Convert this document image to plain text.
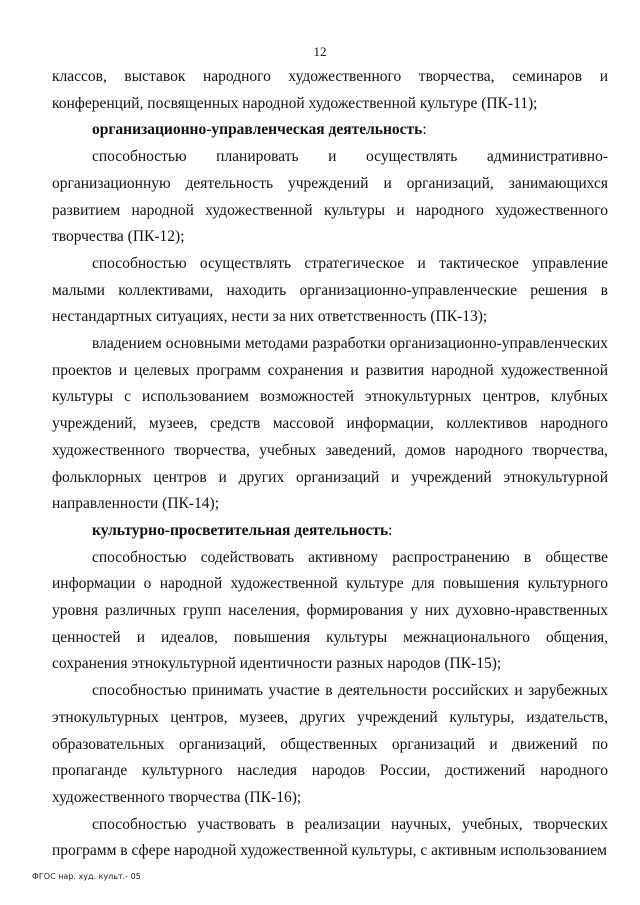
12

классов, выставок народного художественного творчества, семинаров и конференций, посвященных народной художественной культуре (ПК-11);

организационно-управленческая деятельность:

способностью планировать и осуществлять административно-организационную деятельность учреждений и организаций, занимающихся развитием народной художественной культуры и народного художественного творчества (ПК-12);

способностью осуществлять стратегическое и тактическое управление малыми коллективами, находить организационно-управленческие решения в нестандартных ситуациях, нести за них ответственность (ПК-13);

владением основными методами разработки организационно-управленческих проектов и целевых программ сохранения и развития народной художественной культуры с использованием возможностей этнокультурных центров, клубных учреждений, музеев, средств массовой информации, коллективов народного художественного творчества, учебных заведений, домов народного творчества, фольклорных центров и других организаций и учреждений этнокультурной направленности (ПК-14);

культурно-просветительная деятельность:

способностью содействовать активному распространению в обществе информации о народной художественной культуре для повышения культурного уровня различных групп населения, формирования у них духовно-нравственных ценностей и идеалов, повышения культуры межнационального общения, сохранения этнокультурной идентичности разных народов (ПК-15);

способностью принимать участие в деятельности российских и зарубежных этнокультурных центров, музеев, других учреждений культуры, издательств, образовательных организаций, общественных организаций и движений по пропаганде культурного наследия народов России, достижений народного художественного творчества (ПК-16);

способностью участвовать в реализации научных, учебных, творческих программ в сфере народной художественной культуры, с активным использованием

ФГОС нар. худ. культ.- 05
